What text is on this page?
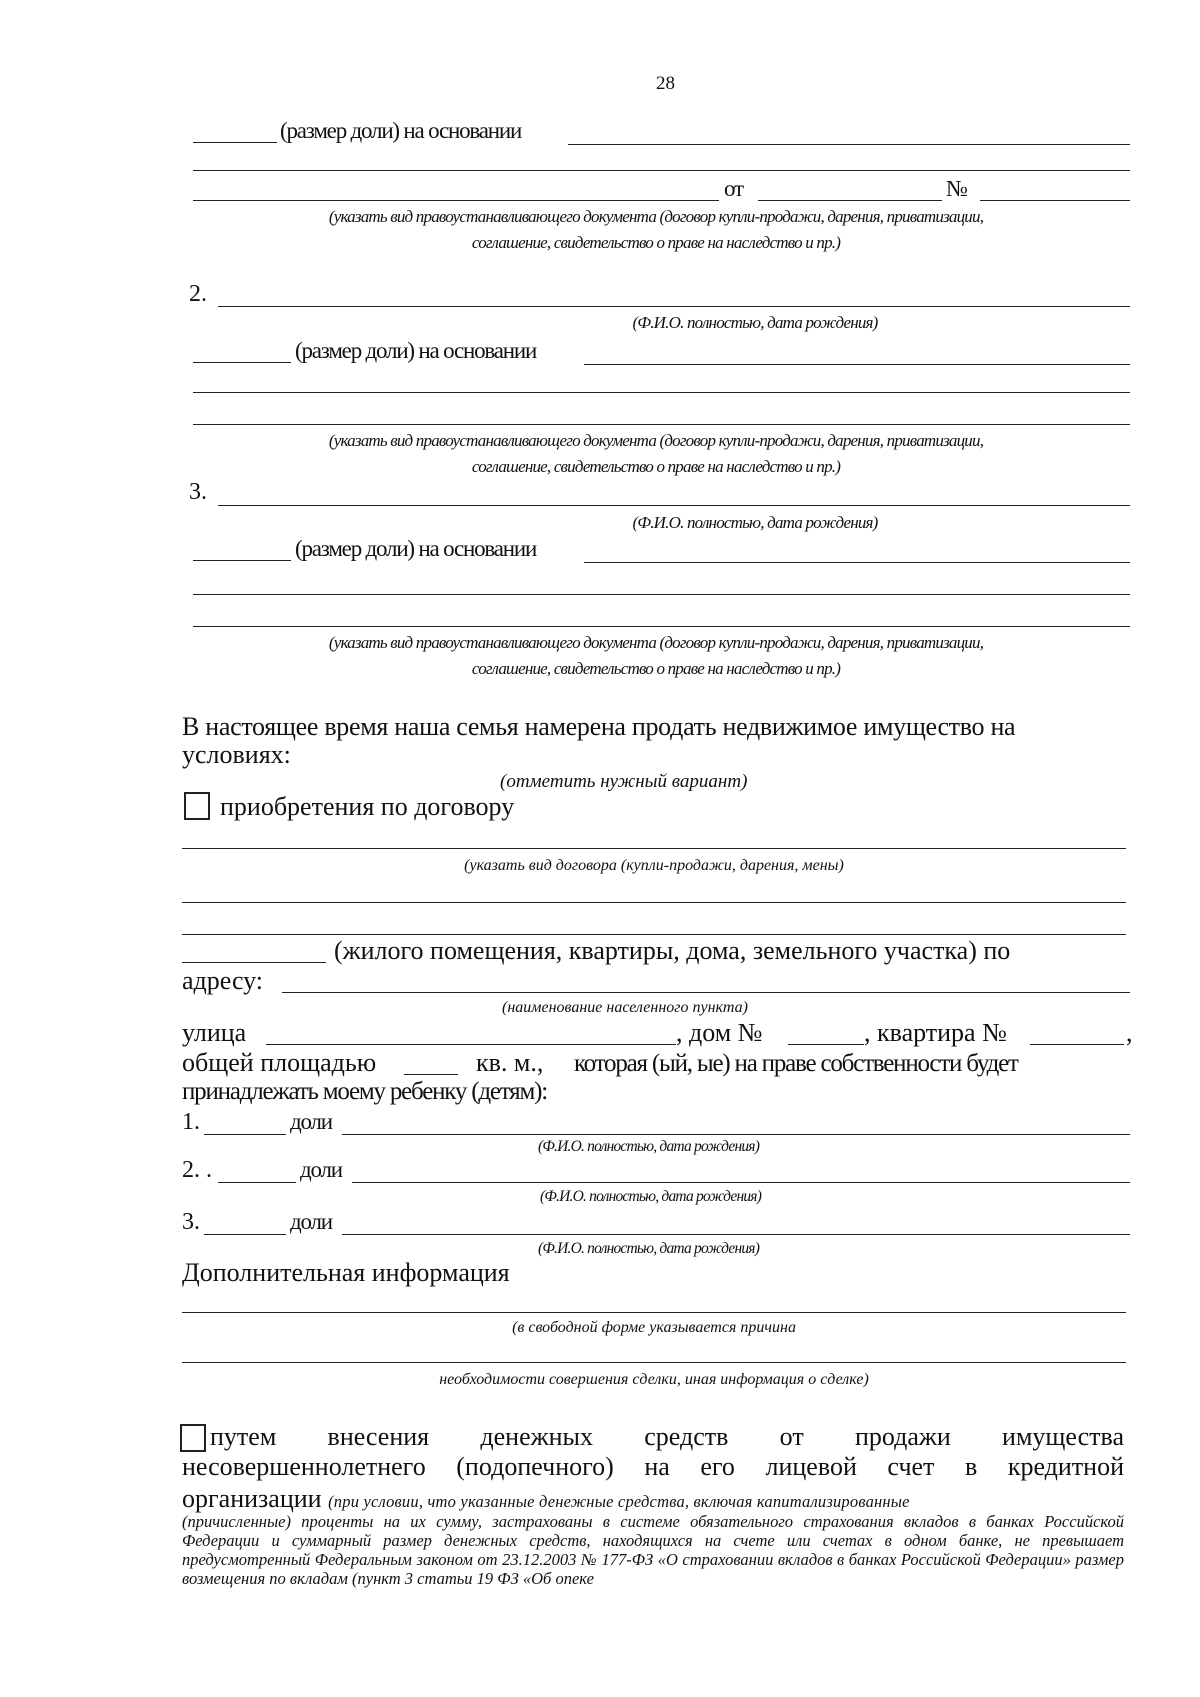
28
(размер доли) на основании
от	№
(указать вид правоустанавливающего документа (договор купли-продажи, дарения, приватизации,
соглашение, свидетельство о праве на наследство и пр.)
2.
(Ф.И.О. полностью, дата рождения)
(размер доли) на основании
(указать вид правоустанавливающего документа (договор купли-продажи, дарения, приватизации,
соглашение, свидетельство о праве на наследство и пр.)
3.
(Ф.И.О. полностью, дата рождения)
(размер доли) на основании
(указать вид правоустанавливающего документа (договор купли-продажи, дарения, приватизации,
соглашение, свидетельство о праве на наследство и пр.)
В настоящее время наша семья намерена продать недвижимое имущество на
условиях:
(отметить нужный вариант)
приобретения по договору
(указать вид договора (купли-продажи, дарения, мены)
(жилого помещения, квартиры, дома, земельного участка) по
адресу:
(наименование населенного пункта)
улица	, дом №	, квартира №	,
общей площадью	кв. м., которая (ый, ые) на праве собственности будет
принадлежать моему ребенку (детям):
1.	доли
(Ф.И.О. полностью, дата рождения)
2. .	доли
(Ф.И.О. полностью, дата рождения)
3.	доли
(Ф.И.О. полностью, дата рождения)
Дополнительная информация
(в свободной форме указывается причина
необходимости совершения сделки, иная информация о сделке)
путем внесения денежных средств от продажи имущества
несовершеннолетнего (подопечного) на его лицевой счет в кредитной
организации (при условии, что указанные денежные средства, включая капитализированные
(причисленные) проценты на их сумму, застрахованы в системе обязательного страхования вкладов в банках Российской Федерации и суммарный размер денежных средств, находящихся на счете или счетах в одном банке, не превышает предусмотренный Федеральным законом от 23.12.2003 № 177-ФЗ «О страховании вкладов в банках Российской Федерации» размер возмещения по вкладам (пункт 3 статьи 19 ФЗ «Об опеке
